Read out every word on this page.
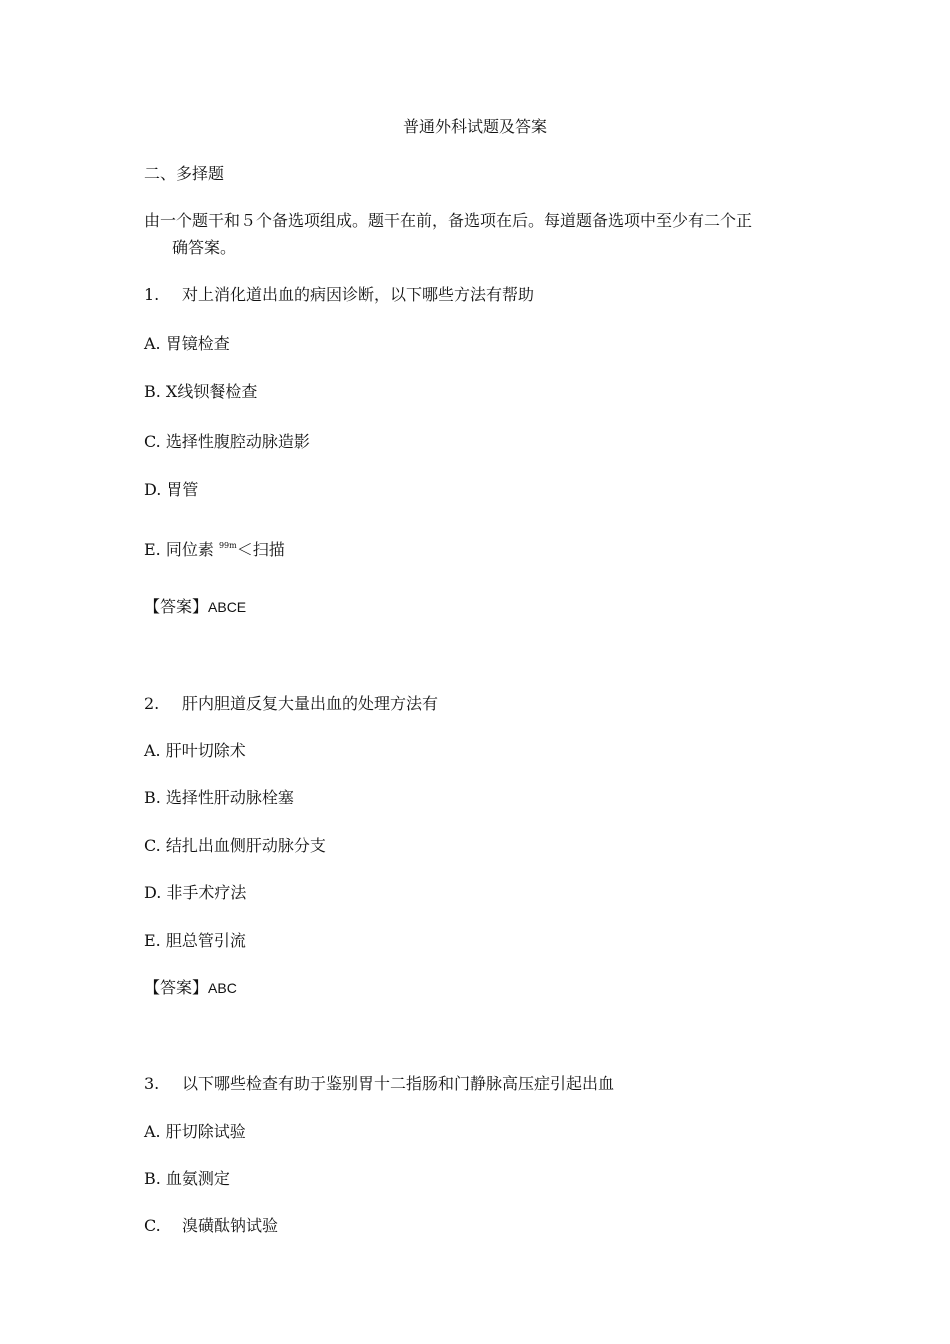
普通外科试题及答案
二、多择题
由一个题干和５个备选项组成。题干在前，备选项在后。每道题备选项中至少有二个正
确答案。
1. 对上消化道出血的病因诊断，以下哪些方法有帮助
A. 胃镜检查
B. X线钡餐检查
C. 选择性腹腔动脉造影
D. 胃管
E. 同位素 $^{99m}$＜扫描
【答案】ABCE
2. 肝内胆道反复大量出血的处理方法有
A. 肝叶切除术
B. 选择性肝动脉栓塞
C. 结扎出血侧肝动脉分支
D. 非手术疗法
E. 胆总管引流
【答案】ABC
3. 以下哪些检查有助于鉴别胃十二指肠和门静脉高压症引起出血
A. 肝切除试验
B. 血氨测定
C. 溴磺酞钠试验
